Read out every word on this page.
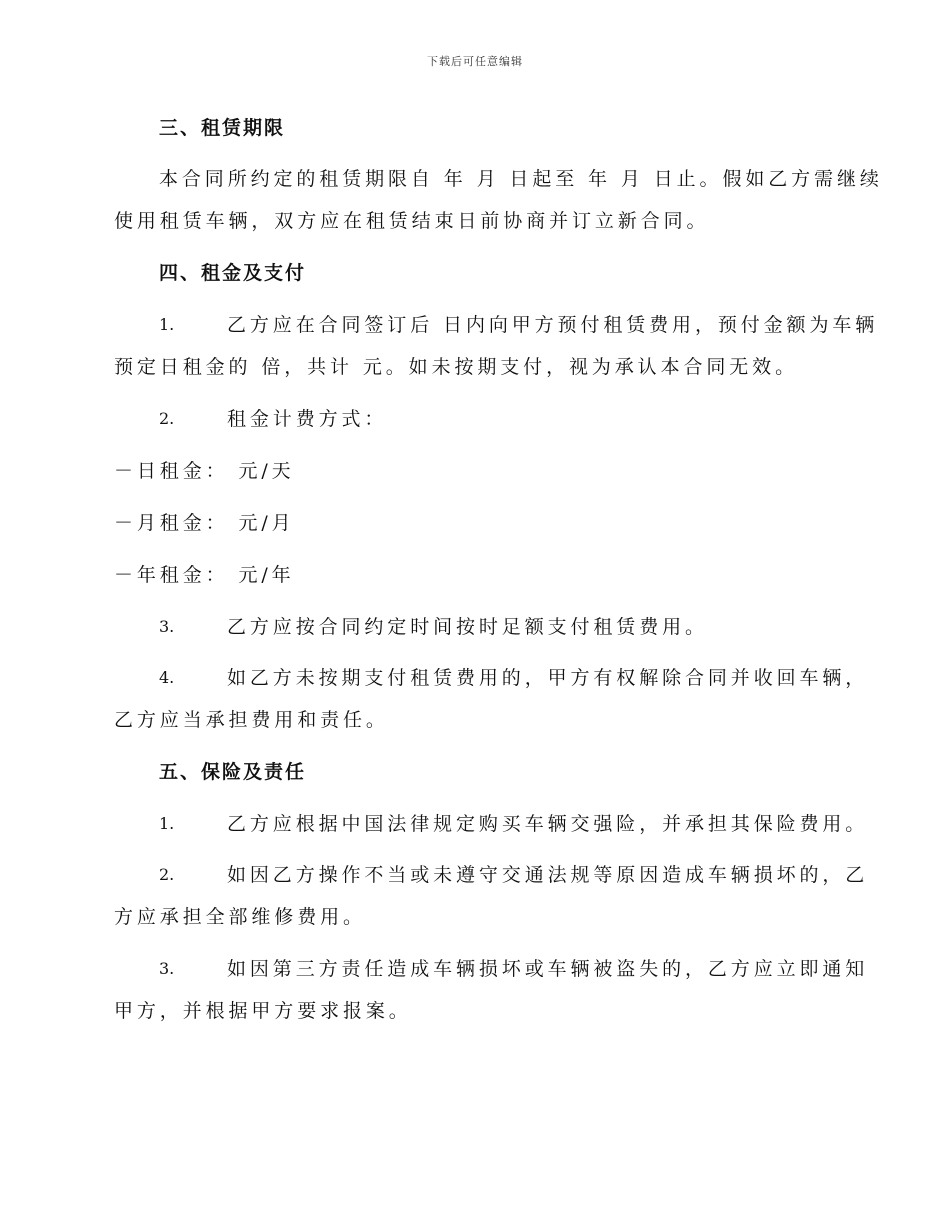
下载后可任意编辑
三、租赁期限
本合同所约定的租赁期限自 年 月 日起至 年 月 日止。假如乙方需继续
使用租赁车辆，双方应在租赁结束日前协商并订立新合同。
四、租金及支付
1.	乙方应在合同签订后 日内向甲方预付租赁费用，预付金额为车辆
预定日租金的 倍，共计 元。如未按期支付，视为承认本合同无效。
2.	租金计费方式：
－日租金： 元/天
－月租金： 元/月
－年租金： 元/年
3.	乙方应按合同约定时间按时足额支付租赁费用。
4.	如乙方未按期支付租赁费用的，甲方有权解除合同并收回车辆，
乙方应当承担费用和责任。
五、保险及责任
1.	乙方应根据中国法律规定购买车辆交强险，并承担其保险费用。
2.	如因乙方操作不当或未遵守交通法规等原因造成车辆损坏的，乙
方应承担全部维修费用。
3.	如因第三方责任造成车辆损坏或车辆被盗失的，乙方应立即通知
甲方，并根据甲方要求报案。
